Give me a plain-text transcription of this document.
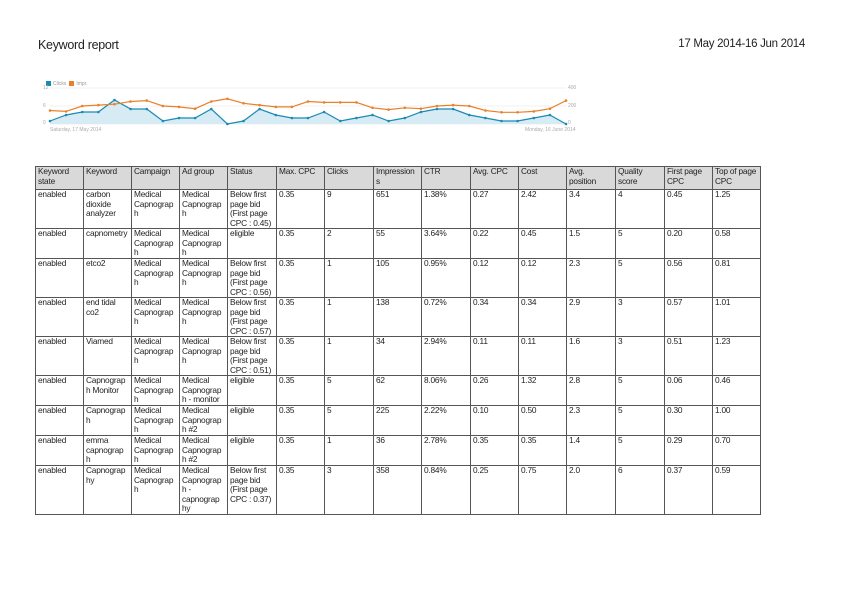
Keyword report	17 May 2014-16 Jun 2014
Clicks	Impr.
12
6
0
400
200
0
Saturday, 17 May 2014	Monday, 16 June 2014
Keyword state	Keyword	Campaign	Ad group	Status	Max. CPC	Clicks	Impression s	CTR	Avg. CPC	Cost	Avg. position	Quality score	First page CPC	Top of page CPC
enabled	carbon dioxide analyzer	Medical Capnograp h	Medical Capnograp h	Below first page bid (First page CPC : 0.45)	0.35	9	651	1.38%	0.27	2.42	3.4	4	0.45	1.25
enabled	capnometry	Medical Capnograp h	Medical Capnograp h	eligible	0.35	2	55	3.64%	0.22	0.45	1.5	5	0.20	0.58
enabled	etco2	Medical Capnograp h	Medical Capnograp h	Below first page bid (First page CPC : 0.56)	0.35	1	105	0.95%	0.12	0.12	2.3	5	0.56	0.81
enabled	end tidal co2	Medical Capnograp h	Medical Capnograp h	Below first page bid (First page CPC : 0.57)	0.35	1	138	0.72%	0.34	0.34	2.9	3	0.57	1.01
enabled	Viamed	Medical Capnograp h	Medical Capnograp h	Below first page bid (First page CPC : 0.51)	0.35	1	34	2.94%	0.11	0.11	1.6	3	0.51	1.23
enabled	Capnograp h Monitor	Medical Capnograp h	Medical Capnograp h - monitor	eligible	0.35	5	62	8.06%	0.26	1.32	2.8	5	0.06	0.46
enabled	Capnograp h	Medical Capnograp h	Medical Capnograp h #2	eligible	0.35	5	225	2.22%	0.10	0.50	2.3	5	0.30	1.00
enabled	emma capnograp h	Medical Capnograp h	Medical Capnograp h #2	eligible	0.35	1	36	2.78%	0.35	0.35	1.4	5	0.29	0.70
enabled	Capnograp hy	Medical Capnograp h	Medical Capnograp h - capnograp hy	Below first page bid (First page CPC : 0.37)	0.35	3	358	0.84%	0.25	0.75	2.0	6	0.37	0.59
